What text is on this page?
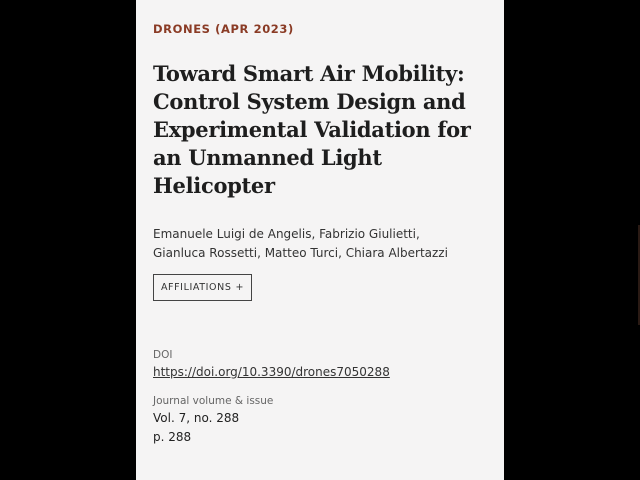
DRONES (APR 2023)
Toward Smart Air Mobility: Control System Design and Experimental Validation for an Unmanned Light Helicopter
Emanuele Luigi de Angelis, Fabrizio Giulietti,
Gianluca Rossetti, Matteo Turci, Chiara Albertazzi
AFFILIATIONS +
DOI
https://doi.org/10.3390/drones7050288
Journal volume & issue
Vol. 7, no. 288
p. 288
